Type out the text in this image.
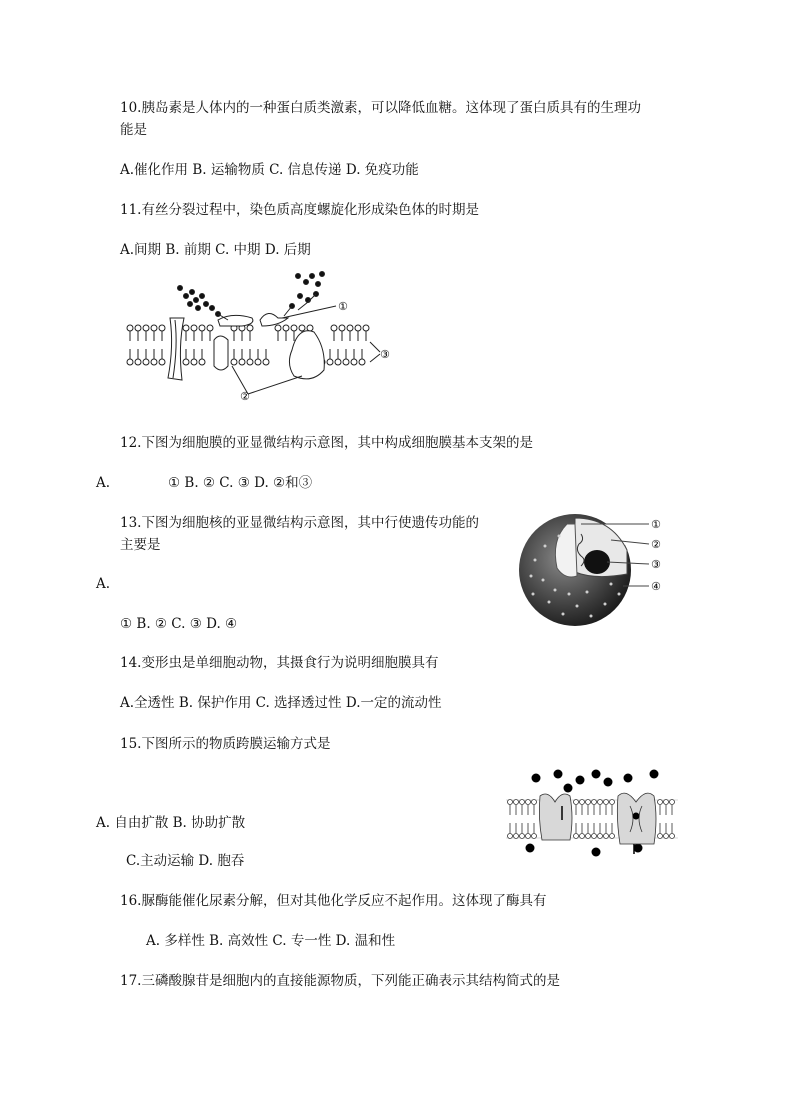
10.胰岛素是人体内的一种蛋白质类激素，可以降低血糖。这体现了蛋白质具有的生理功
能是
A.催化作用 B. 运输物质 C. 信息传递 D. 免疫功能
11.有丝分裂过程中，染色质高度螺旋化形成染色体的时期是
A.间期 B. 前期 C. 中期 D. 后期
①
③
②
12.下图为细胞膜的亚显微结构示意图，其中构成细胞膜基本支架的是
A.	① B. ② C. ③ D. ②和③
13.下图为细胞核的亚显微结构示意图，其中行使遗传功能的
主要是
A.
① B. ② C. ③ D. ④
①
②
③
④
14.变形虫是单细胞动物，其摄食行为说明细胞膜具有
A.全透性 B. 保护作用 C. 选择透过性 D.一定的流动性
15.下图所示的物质跨膜运输方式是
A. 自由扩散 B. 协助扩散
C.主动运输 D. 胞吞
16.脲酶能催化尿素分解，但对其他化学反应不起作用。这体现了酶具有
A. 多样性 B. 高效性 C. 专一性 D. 温和性
17.三磷酸腺苷是细胞内的直接能源物质，下列能正确表示其结构简式的是
